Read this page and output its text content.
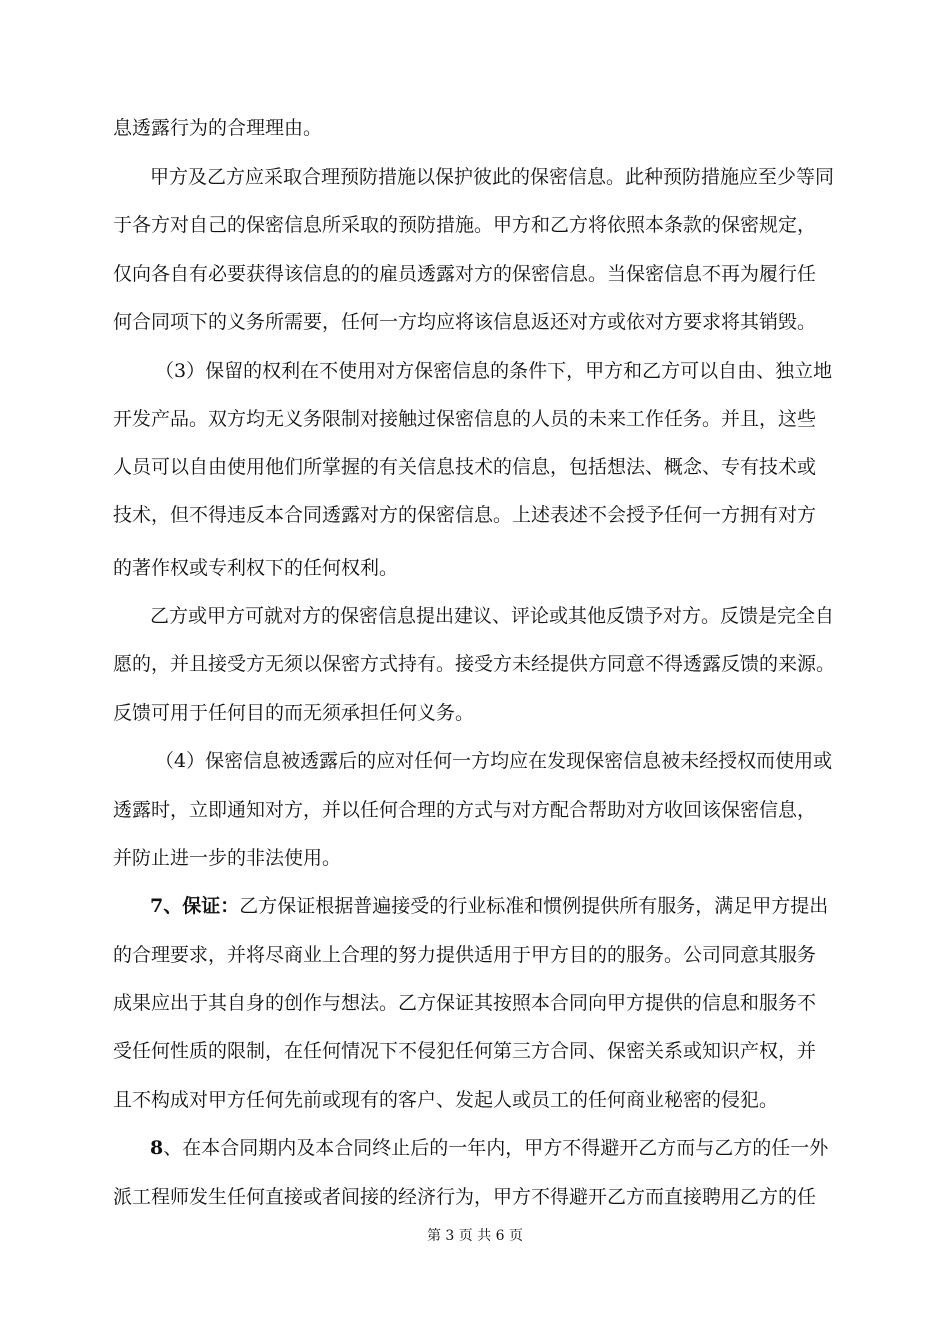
息透露行为的合理理由。
甲方及乙方应采取合理预防措施以保护彼此的保密信息。此种预防措施应至少等同
于各方对自己的保密信息所采取的预防措施。甲方和乙方将依照本条款的保密规定，
仅向各自有必要获得该信息的的雇员透露对方的保密信息。当保密信息不再为履行任
何合同项下的义务所需要，任何一方均应将该信息返还对方或依对方要求将其销毁。
（3）保留的权利在不使用对方保密信息的条件下，甲方和乙方可以自由、独立地
开发产品。双方均无义务限制对接触过保密信息的人员的未来工作任务。并且，这些
人员可以自由使用他们所掌握的有关信息技术的信息，包括想法、概念、专有技术或
技术，但不得违反本合同透露对方的保密信息。上述表述不会授予任何一方拥有对方
的著作权或专利权下的任何权利。
乙方或甲方可就对方的保密信息提出建议、评论或其他反馈予对方。反馈是完全自
愿的，并且接受方无须以保密方式持有。接受方未经提供方同意不得透露反馈的来源。
反馈可用于任何目的而无须承担任何义务。
（4）保密信息被透露后的应对任何一方均应在发现保密信息被未经授权而使用或
透露时，立即通知对方，并以任何合理的方式与对方配合帮助对方收回该保密信息，
并防止进一步的非法使用。
7、保证：乙方保证根据普遍接受的行业标准和惯例提供所有服务，满足甲方提出
的合理要求，并将尽商业上合理的努力提供适用于甲方目的的服务。公司同意其服务
成果应出于其自身的创作与想法。乙方保证其按照本合同向甲方提供的信息和服务不
受任何性质的限制，在任何情况下不侵犯任何第三方合同、保密关系或知识产权，并
且不构成对甲方任何先前或现有的客户、发起人或员工的任何商业秘密的侵犯。
8、在本合同期内及本合同终止后的一年内，甲方不得避开乙方而与乙方的任一外
派工程师发生任何直接或者间接的经济行为，甲方不得避开乙方而直接聘用乙方的任
第 3 页 共 6 页
